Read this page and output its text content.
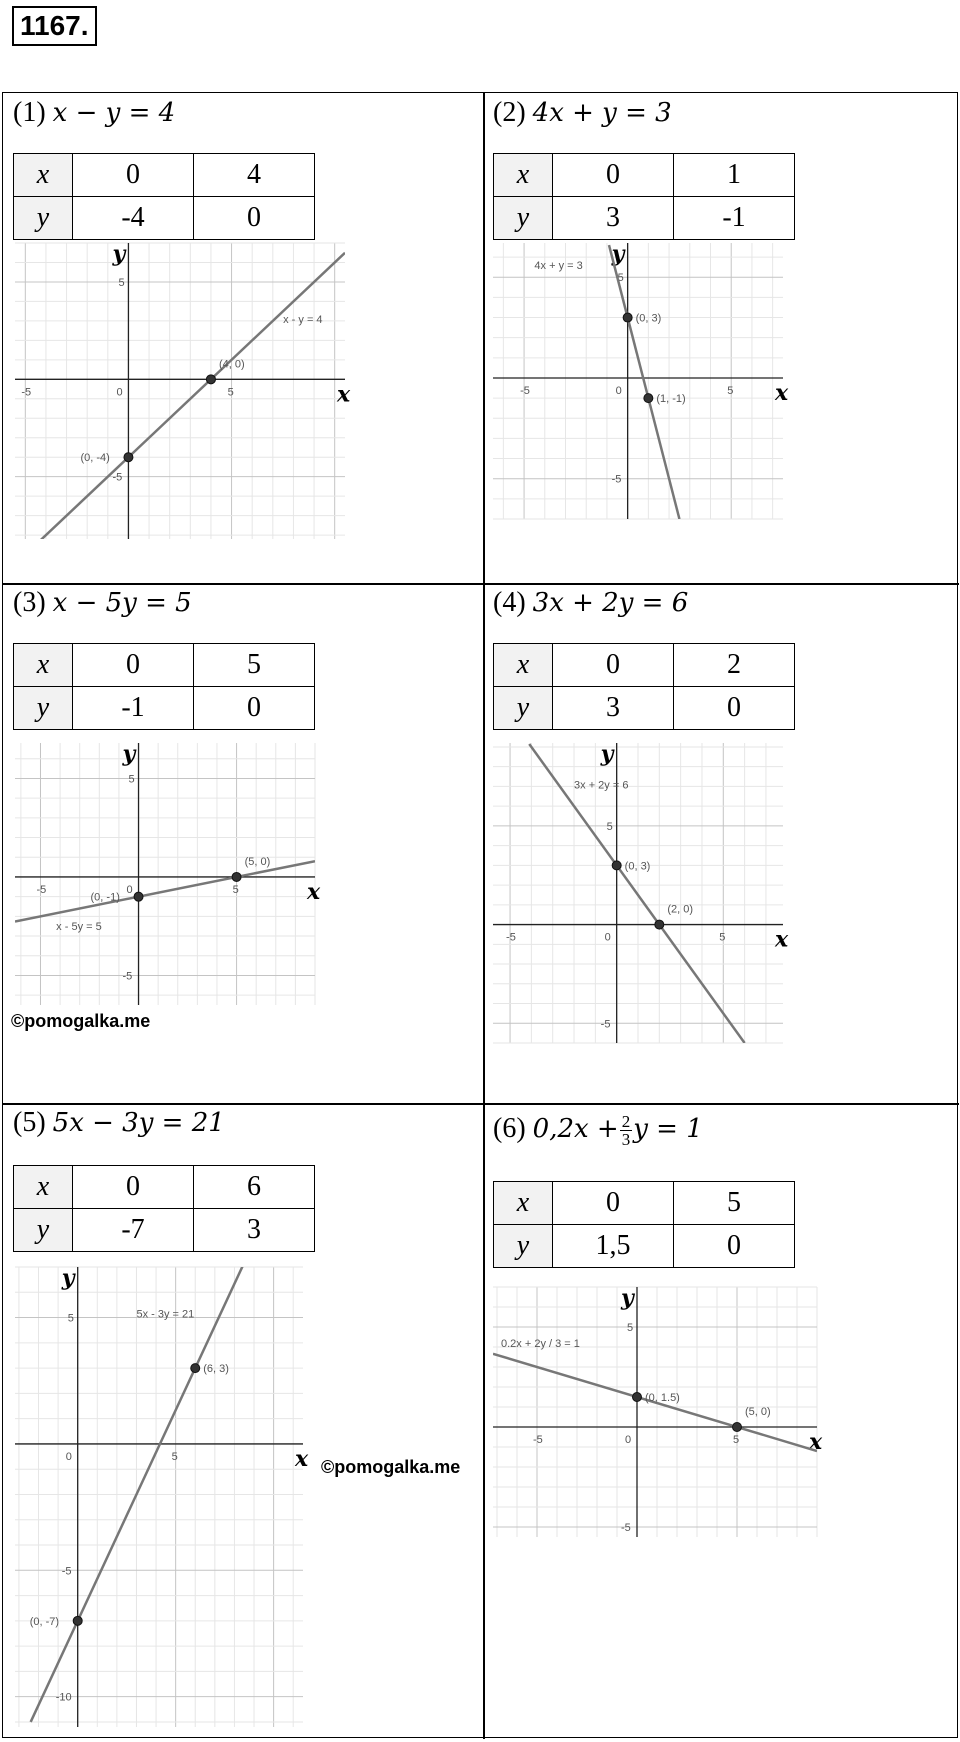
1167.
(1) x − y = 4
x	0	4
y	-4	0
-5	0	5
5
-5
x
y
x - y = 4
(4, 0)
(0, -4)
(2) 4x + y = 3
x	0	1
y	3	-1
-5	0	5
5
-5
x
y
4x + y = 3
(0, 3)
(1, -1)
(3) x − 5y = 5
x	0	5
y	-1	0
-5	0	5
5
-5
x
y
x - 5y = 5
(5, 0)
(0, -1)
©pomogalka.me
(4) 3x + 2y = 6
x	0	2
y	3	0
-5	0	5
5
-5
x
y
3x + 2y = 6
(0, 3)
(2, 0)
(5) 5x − 3y = 21
x	0	6
y	-7	3
0	5
5
-5
-10
x
y
5x - 3y = 21
(6, 3)
(0, -7)
©pomogalka.me
(6) $0,2x + \frac{2}{3}$ y = 1
x	0	5
y	1,5	0
-5	0	5
5
-5
x
y
0.2x + 2y / 3 = 1
(0, 1.5)
(5, 0)
